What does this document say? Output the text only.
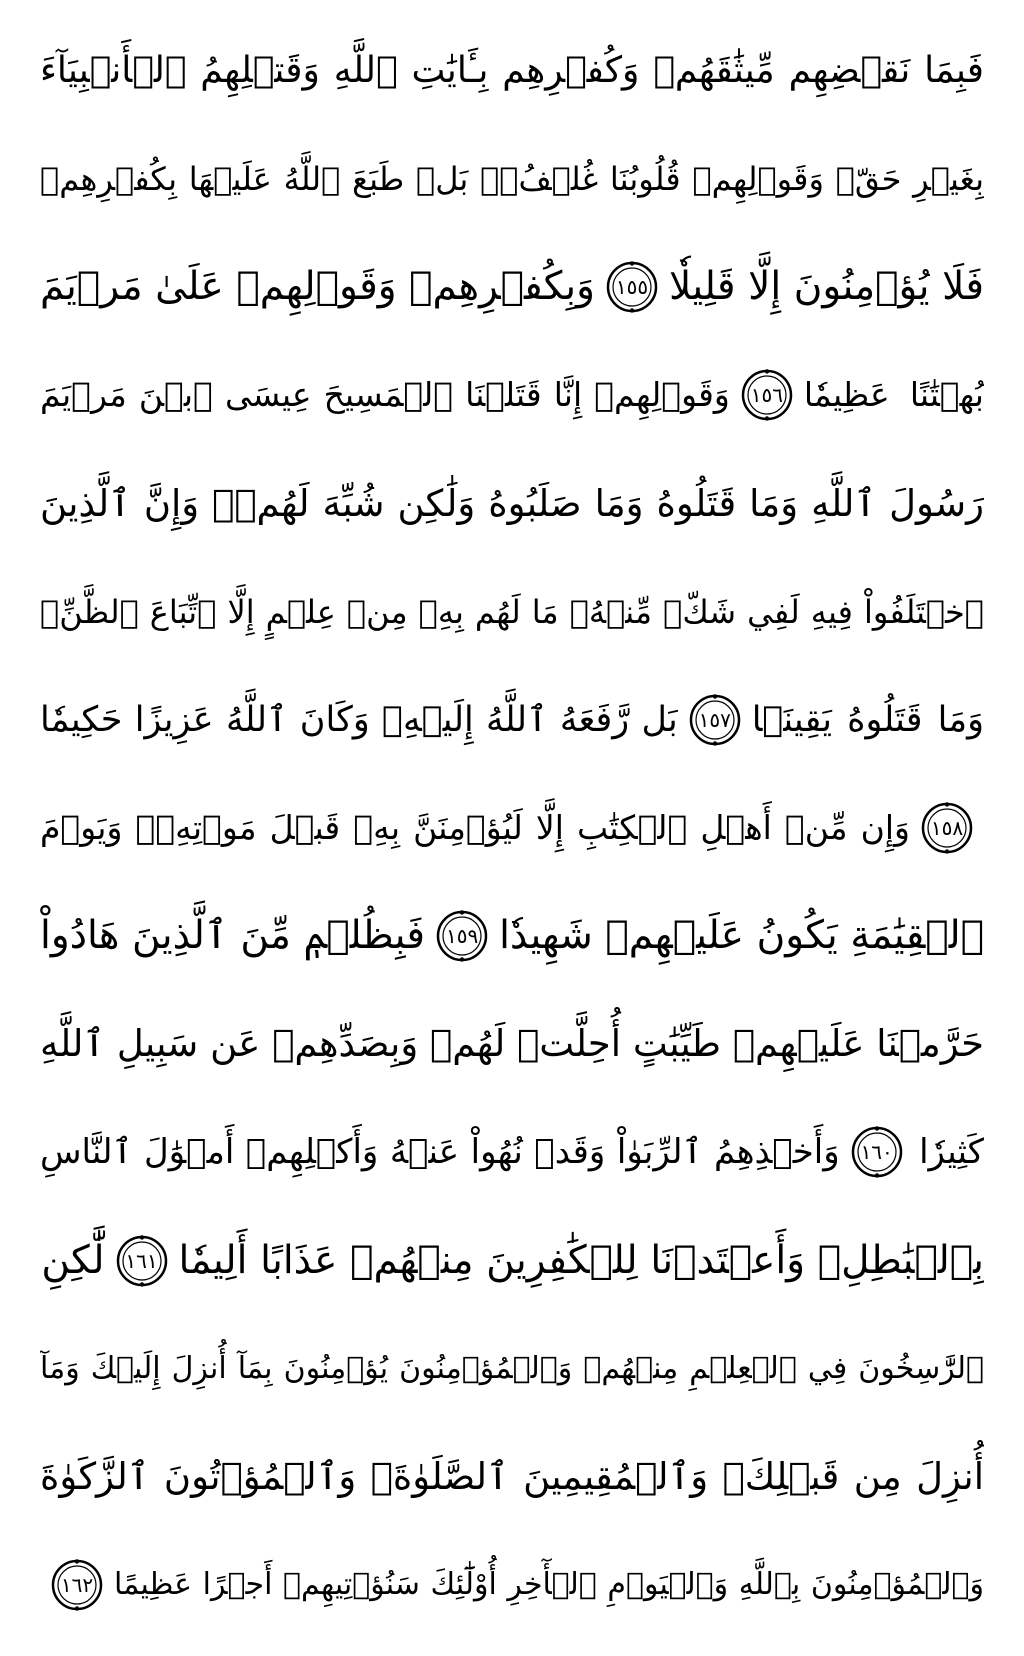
فَبِمَا نَقۡضِهِم مِّيثَٰقَهُمۡ وَكُفۡرِهِم بِـَٔايَٰتِ ٱللَّهِ وَقَتۡلِهِمُ ٱلۡأَنۢبِيَآءَ
بِغَيۡرِ حَقّٖ وَقَوۡلِهِمۡ قُلُوبُنَا غُلۡفُۢۚ بَلۡ طَبَعَ ٱللَّهُ عَلَيۡهَا بِكُفۡرِهِمۡ
فَلَا يُؤۡمِنُونَ إِلَّا قَلِيلٗا
١٥٥
وَبِكُفۡرِهِمۡ وَقَوۡلِهِمۡ عَلَىٰ مَرۡيَمَ
بُهۡتَٰنًا عَظِيمٗا
١٥٦
وَقَوۡلِهِمۡ إِنَّا قَتَلۡنَا ٱلۡمَسِيحَ عِيسَى ٱبۡنَ مَرۡيَمَ
رَسُولَ ٱللَّهِ وَمَا قَتَلُوهُ وَمَا صَلَبُوهُ وَلَٰكِن شُبِّهَ لَهُمۡۚ وَإِنَّ ٱلَّذِينَ
ٱخۡتَلَفُواْ فِيهِ لَفِي شَكّٖ مِّنۡهُۚ مَا لَهُم بِهِۦ مِنۡ عِلۡمٍ إِلَّا ٱتِّبَاعَ ٱلظَّنِّۚ
وَمَا قَتَلُوهُ يَقِينَۢا
١٥٧
بَل رَّفَعَهُ ٱللَّهُ إِلَيۡهِۚ وَكَانَ ٱللَّهُ عَزِيزًا حَكِيمٗا
١٥٨
وَإِن مِّنۡ أَهۡلِ ٱلۡكِتَٰبِ إِلَّا لَيُؤۡمِنَنَّ بِهِۦ قَبۡلَ مَوۡتِهِۦۖ وَيَوۡمَ
ٱلۡقِيَٰمَةِ يَكُونُ عَلَيۡهِمۡ شَهِيدٗا
١٥٩
فَبِظُلۡمٖ مِّنَ ٱلَّذِينَ هَادُواْ
حَرَّمۡنَا عَلَيۡهِمۡ طَيِّبَٰتٍ أُحِلَّتۡ لَهُمۡ وَبِصَدِّهِمۡ عَن سَبِيلِ ٱللَّهِ
كَثِيرٗا
١٦٠
وَأَخۡذِهِمُ ٱلرِّبَوٰاْ وَقَدۡ نُهُواْ عَنۡهُ وَأَكۡلِهِمۡ أَمۡوَٰلَ ٱلنَّاسِ
بِٱلۡبَٰطِلِۚ وَأَعۡتَدۡنَا لِلۡكَٰفِرِينَ مِنۡهُمۡ عَذَابًا أَلِيمٗا
١٦١
لَّٰكِنِ
ٱلرَّٰسِخُونَ فِي ٱلۡعِلۡمِ مِنۡهُمۡ وَٱلۡمُؤۡمِنُونَ يُؤۡمِنُونَ بِمَآ أُنزِلَ إِلَيۡكَ وَمَآ
أُنزِلَ مِن قَبۡلِكَۚ وَٱلۡمُقِيمِينَ ٱلصَّلَوٰةَۚ وَٱلۡمُؤۡتُونَ ٱلزَّكَوٰةَ
وَٱلۡمُؤۡمِنُونَ بِٱللَّهِ وَٱلۡيَوۡمِ ٱلۡأٓخِرِ أُوْلَٰٓئِكَ سَنُؤۡتِيهِمۡ أَجۡرًا عَظِيمًا
١٦٢
